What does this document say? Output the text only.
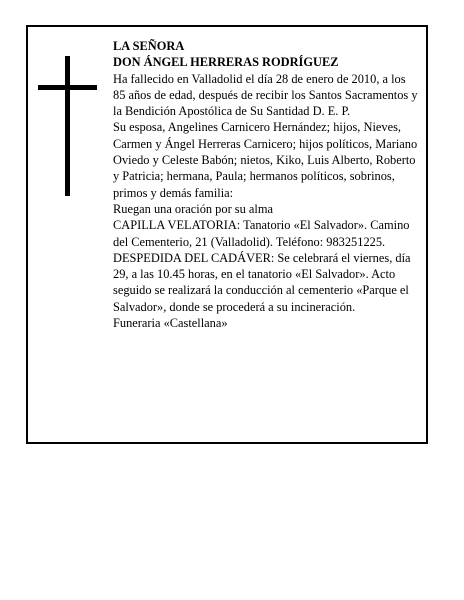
LA SEÑORA

DON ÁNGEL HERRERAS RODRÍGUEZ

Ha fallecido en Valladolid el día 28 de enero de 2010, a los 85 años de edad, después de recibir los Santos Sacramentos y la Bendición Apostólica de Su Santidad D. E. P.

Su esposa, Angelines Carnicero Hernández; hijos, Nieves, Carmen y Ángel Herreras Carnicero; hijos políticos, Mariano Oviedo y Celeste Babón; nietos, Kiko, Luis Alberto, Roberto y Patricia; hermana, Paula; hermanos políticos, sobrinos, primos y demás familia:

Ruegan una oración por su alma

CAPILLA VELATORIA: Tanatorio «El Salvador». Camino del Cementerio, 21 (Valladolid). Teléfono: 983251225.

DESPEDIDA DEL CADÁVER: Se celebrará el viernes, día 29, a las 10.45 horas, en el tanatorio «El Salvador». Acto seguido se realizará la conducción al cementerio «Parque el Salvador», donde se procederá a su incineración.

Funeraria «Castellana»
